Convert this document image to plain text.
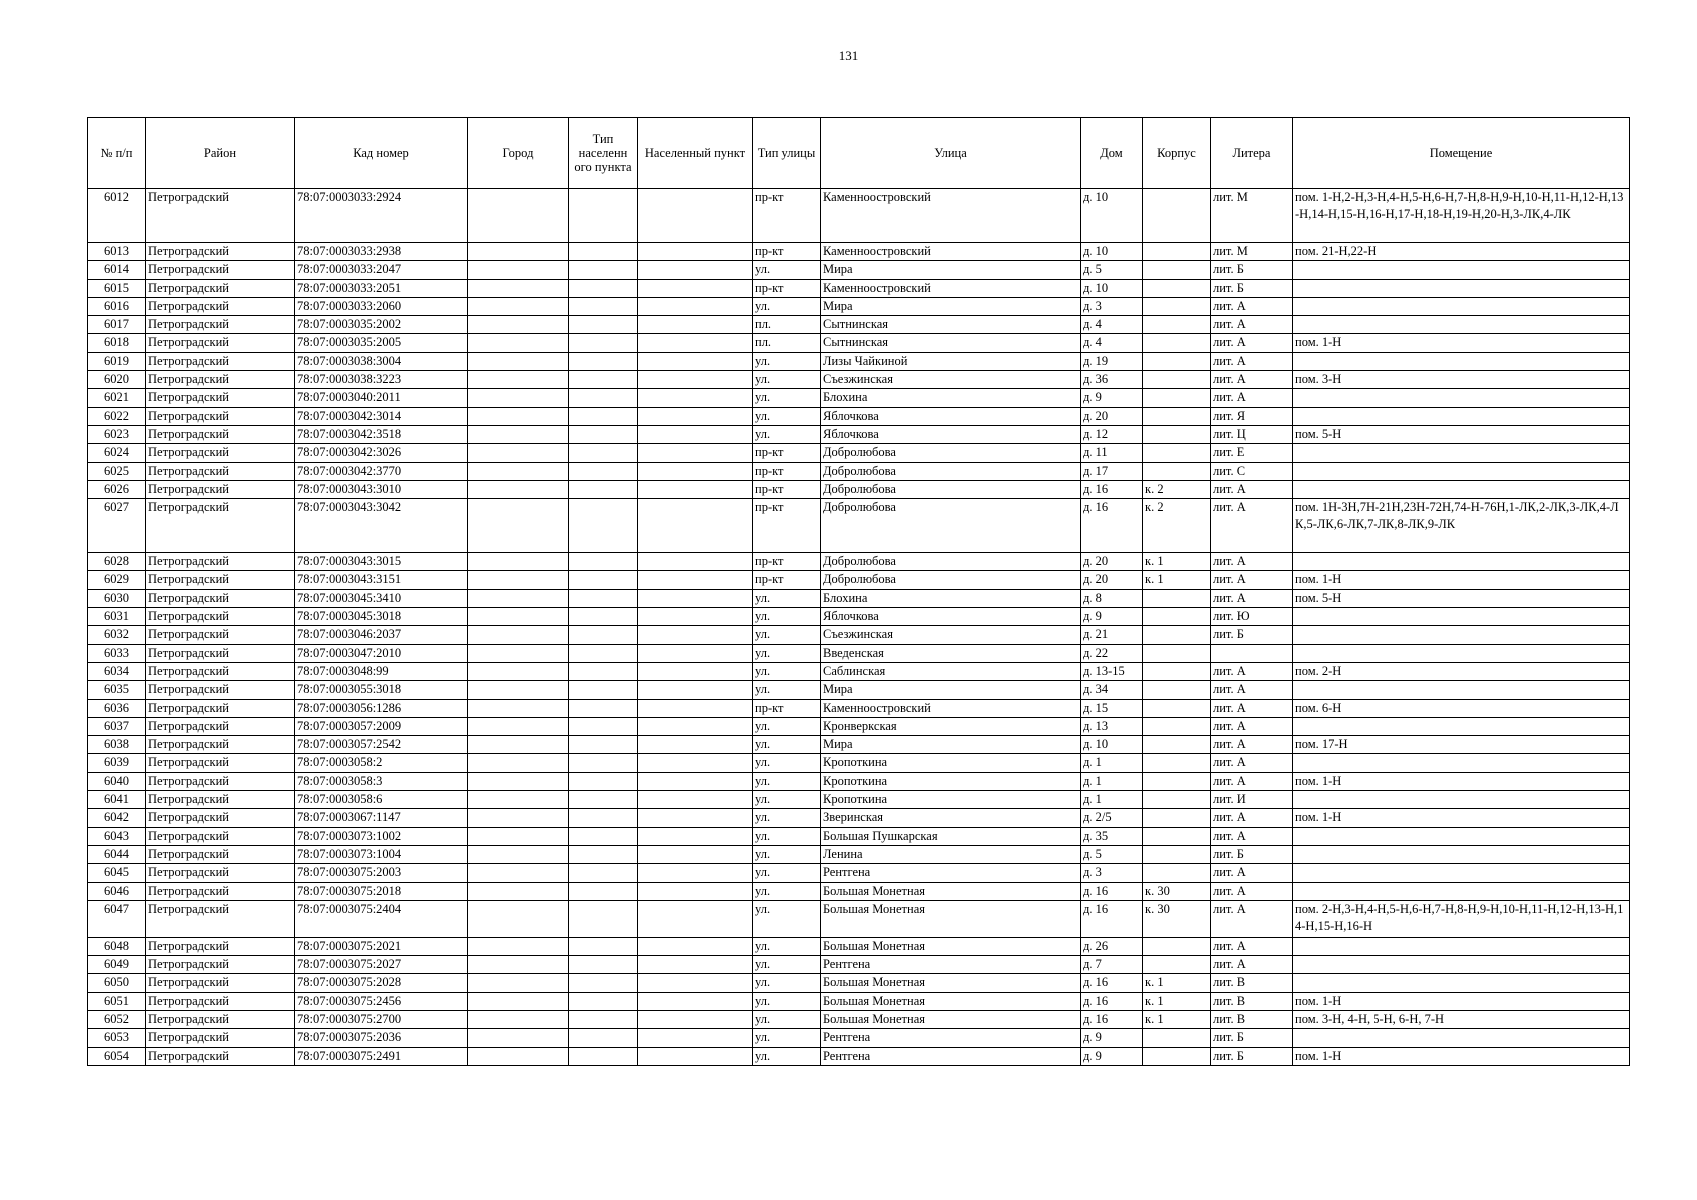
131
№ п/п	Район	Кад номер	Город	Тип населенн ого пункта	Населенный пункт	Тип улицы	Улица	Дом	Корпус	Литера	Помещение
6012	Петроградский	78:07:0003033:2924				пр-кт	Каменноостровский	д. 10		лит. М	пом. 1-Н,2-Н,3-Н,4-Н,5-Н,6-Н,7-Н,8-Н,9-Н,10-Н,11-Н,12-Н,13-Н,14-Н,15-Н,16-Н,17-Н,18-Н,19-Н,20-Н,3-ЛК,4-ЛК
6013	Петроградский	78:07:0003033:2938				пр-кт	Каменноостровский	д. 10		лит. М	пом. 21-Н,22-Н
6014	Петроградский	78:07:0003033:2047				ул.	Мира	д. 5		лит. Б	
6015	Петроградский	78:07:0003033:2051				пр-кт	Каменноостровский	д. 10		лит. Б	
6016	Петроградский	78:07:0003033:2060				ул.	Мира	д. 3		лит. А	
6017	Петроградский	78:07:0003035:2002				пл.	Сытнинская	д. 4		лит. А	
6018	Петроградский	78:07:0003035:2005				пл.	Сытнинская	д. 4		лит. А	пом. 1-Н
6019	Петроградский	78:07:0003038:3004				ул.	Лизы Чайкиной	д. 19		лит. А	
6020	Петроградский	78:07:0003038:3223				ул.	Съезжинская	д. 36		лит. А	пом. 3-Н
6021	Петроградский	78:07:0003040:2011				ул.	Блохина	д. 9		лит. А	
6022	Петроградский	78:07:0003042:3014				ул.	Яблочкова	д. 20		лит. Я	
6023	Петроградский	78:07:0003042:3518				ул.	Яблочкова	д. 12		лит. Ц	пом. 5-Н
6024	Петроградский	78:07:0003042:3026				пр-кт	Добролюбова	д. 11		лит. Е	
6025	Петроградский	78:07:0003042:3770				пр-кт	Добролюбова	д. 17		лит. С	
6026	Петроградский	78:07:0003043:3010				пр-кт	Добролюбова	д. 16	к. 2	лит. А	
6027	Петроградский	78:07:0003043:3042				пр-кт	Добролюбова	д. 16	к. 2	лит. А	пом. 1Н-3Н,7Н-21Н,23Н-72Н,74-Н-76Н,1-ЛК,2-ЛК,3-ЛК,4-ЛК,5-ЛК,6-ЛК,7-ЛК,8-ЛК,9-ЛК
6028	Петроградский	78:07:0003043:3015				пр-кт	Добролюбова	д. 20	к. 1	лит. А	
6029	Петроградский	78:07:0003043:3151				пр-кт	Добролюбова	д. 20	к. 1	лит. А	пом. 1-Н
6030	Петроградский	78:07:0003045:3410				ул.	Блохина	д. 8		лит. А	пом. 5-Н
6031	Петроградский	78:07:0003045:3018				ул.	Яблочкова	д. 9		лит. Ю	
6032	Петроградский	78:07:0003046:2037				ул.	Съезжинская	д. 21		лит. Б	
6033	Петроградский	78:07:0003047:2010				ул.	Введенская	д. 22			
6034	Петроградский	78:07:0003048:99				ул.	Саблинская	д. 13-15		лит. А	пом. 2-Н
6035	Петроградский	78:07:0003055:3018				ул.	Мира	д. 34		лит. А	
6036	Петроградский	78:07:0003056:1286				пр-кт	Каменноостровский	д. 15		лит. А	пом. 6-Н
6037	Петроградский	78:07:0003057:2009				ул.	Кронверкская	д. 13		лит. А	
6038	Петроградский	78:07:0003057:2542				ул.	Мира	д. 10		лит. А	пом. 17-Н
6039	Петроградский	78:07:0003058:2				ул.	Кропоткина	д. 1		лит. А	
6040	Петроградский	78:07:0003058:3				ул.	Кропоткина	д. 1		лит. А	пом. 1-Н
6041	Петроградский	78:07:0003058:6				ул.	Кропоткина	д. 1		лит. И	
6042	Петроградский	78:07:0003067:1147				ул.	Зверинская	д. 2/5		лит. А	пом. 1-Н
6043	Петроградский	78:07:0003073:1002				ул.	Большая Пушкарская	д. 35		лит. А	
6044	Петроградский	78:07:0003073:1004				ул.	Ленина	д. 5		лит. Б	
6045	Петроградский	78:07:0003075:2003				ул.	Рентгена	д. 3		лит. А	
6046	Петроградский	78:07:0003075:2018				ул.	Большая Монетная	д. 16	к. 30	лит. А	
6047	Петроградский	78:07:0003075:2404				ул.	Большая Монетная	д. 16	к. 30	лит. А	пом. 2-Н,3-Н,4-Н,5-Н,6-Н,7-Н,8-Н,9-Н,10-Н,11-Н,12-Н,13-Н,14-Н,15-Н,16-Н
6048	Петроградский	78:07:0003075:2021				ул.	Большая Монетная	д. 26		лит. А	
6049	Петроградский	78:07:0003075:2027				ул.	Рентгена	д. 7		лит. А	
6050	Петроградский	78:07:0003075:2028				ул.	Большая Монетная	д. 16	к. 1	лит. В	
6051	Петроградский	78:07:0003075:2456				ул.	Большая Монетная	д. 16	к. 1	лит. В	пом. 1-Н
6052	Петроградский	78:07:0003075:2700				ул.	Большая Монетная	д. 16	к. 1	лит. В	пом. 3-Н, 4-Н, 5-Н, 6-Н, 7-Н
6053	Петроградский	78:07:0003075:2036				ул.	Рентгена	д. 9		лит. Б	
6054	Петроградский	78:07:0003075:2491				ул.	Рентгена	д. 9		лит. Б	пом. 1-Н
